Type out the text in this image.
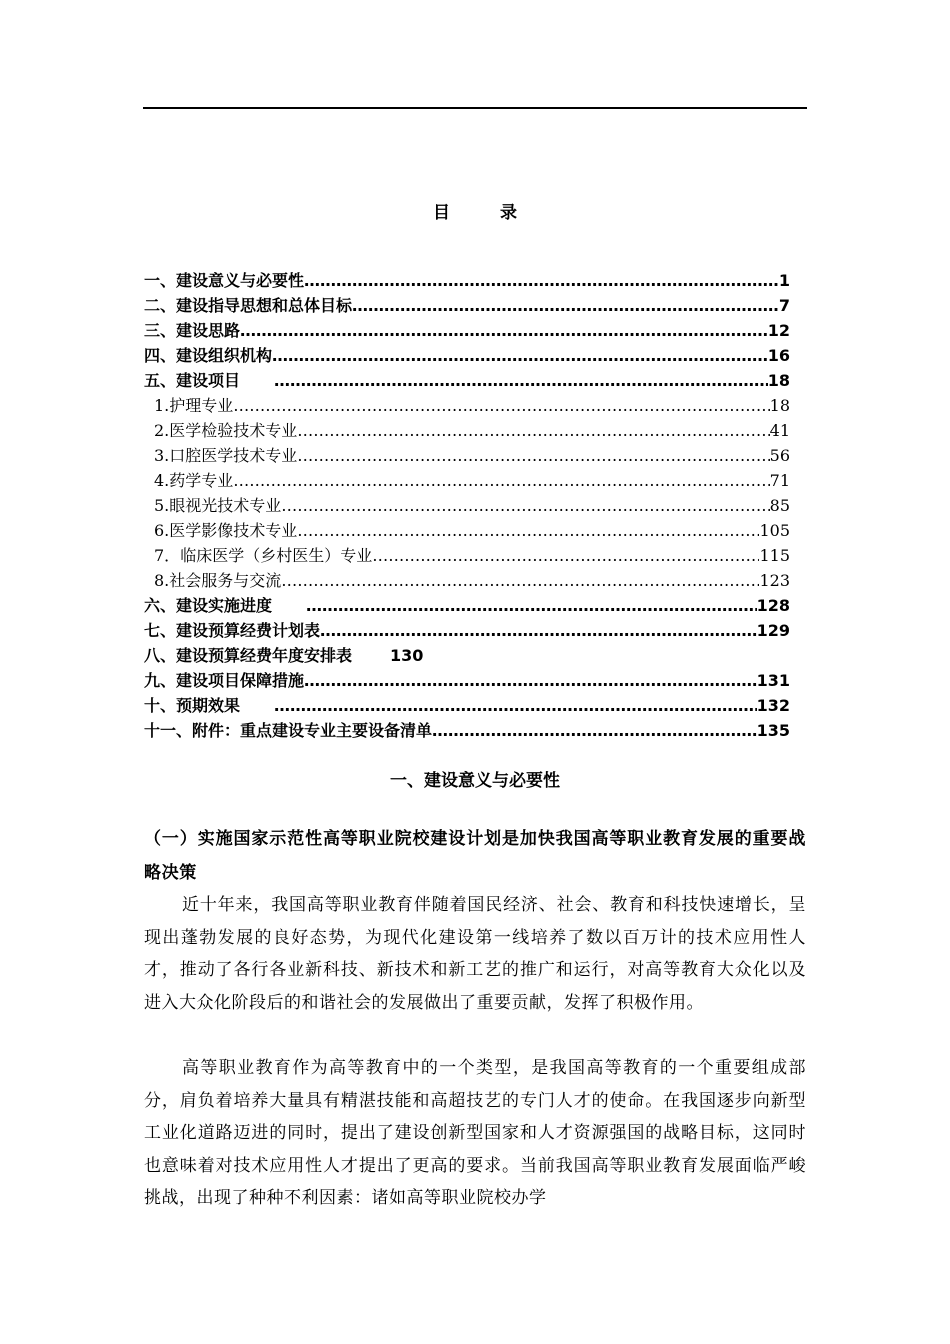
目	录
一、建设意义与必要性 ……………………………………………………………………………………………………………………………………………………………………………………	1
二、建设指导思想和总体目标 ……………………………………………………………………………………………………………………………………………………………………………………	7
三、建设思路 ……………………………………………………………………………………………………………………………………………………………………………………	12
四、建设组织机构 ……………………………………………………………………………………………………………………………………………………………………………………	16
五、建设项目 ……………………………………………………………………………………………………………………………………………………………………………………	18
1. 护理专业 ……………………………………………………………………………………………………………………………………………………………………………………	18
2. 医学检验技术专业 ……………………………………………………………………………………………………………………………………………………………………………………	41
3. 口腔医学技术专业 ……………………………………………………………………………………………………………………………………………………………………………………	56
4. 药学专业 ……………………………………………………………………………………………………………………………………………………………………………………	71
5. 眼视光技术专业 ……………………………………………………………………………………………………………………………………………………………………………………	85
6. 医学影像技术专业 ……………………………………………………………………………………………………………………………………………………………………………………	105
7． 临床医学（乡村医生）专业 ……………………………………………………………………………………………………………………………………………………………………………………	115
8. 社会服务与交流 ……………………………………………………………………………………………………………………………………………………………………………………	123
六、建设实施进度 ……………………………………………………………………………………………………………………………………………………………………………………	128
七、建设预算经费计划表 ……………………………………………………………………………………………………………………………………………………………………………………	129
八、建设预算经费年度安排表 130
九、建设项目保障措施 ……………………………………………………………………………………………………………………………………………………………………………………	131
十、预期效果 ……………………………………………………………………………………………………………………………………………………………………………………	132
十一、附件：重点建设专业主要设备清单 ……………………………………………………………………………………………………………………………………………………………………………………	135
一、建设意义与必要性
（一）实施国家示范性高等职业院校建设计划是加快我国高等职业教育发展的重要战略决策
近十年来，我国高等职业教育伴随着国民经济、社会、教育和科技快速增长，呈现出蓬勃发展的良好态势，为现代化建设第一线培养了数以百万计的技术应用性人才，推动了各行各业新科技、新技术和新工艺的推广和运行，对高等教育大众化以及进入大众化阶段后的和谐社会的发展做出了重要贡献，发挥了积极作用。
高等职业教育作为高等教育中的一个类型，是我国高等教育的一个重要组成部分，肩负着培养大量具有精湛技能和高超技艺的专门人才的使命。在我国逐步向新型工业化道路迈进的同时，提出了建设创新型国家和人才资源强国的战略目标，这同时也意味着对技术应用性人才提出了更高的要求。当前我国高等职业教育发展面临严峻挑战，出现了种种不利因素：诸如高等职业院校办学
